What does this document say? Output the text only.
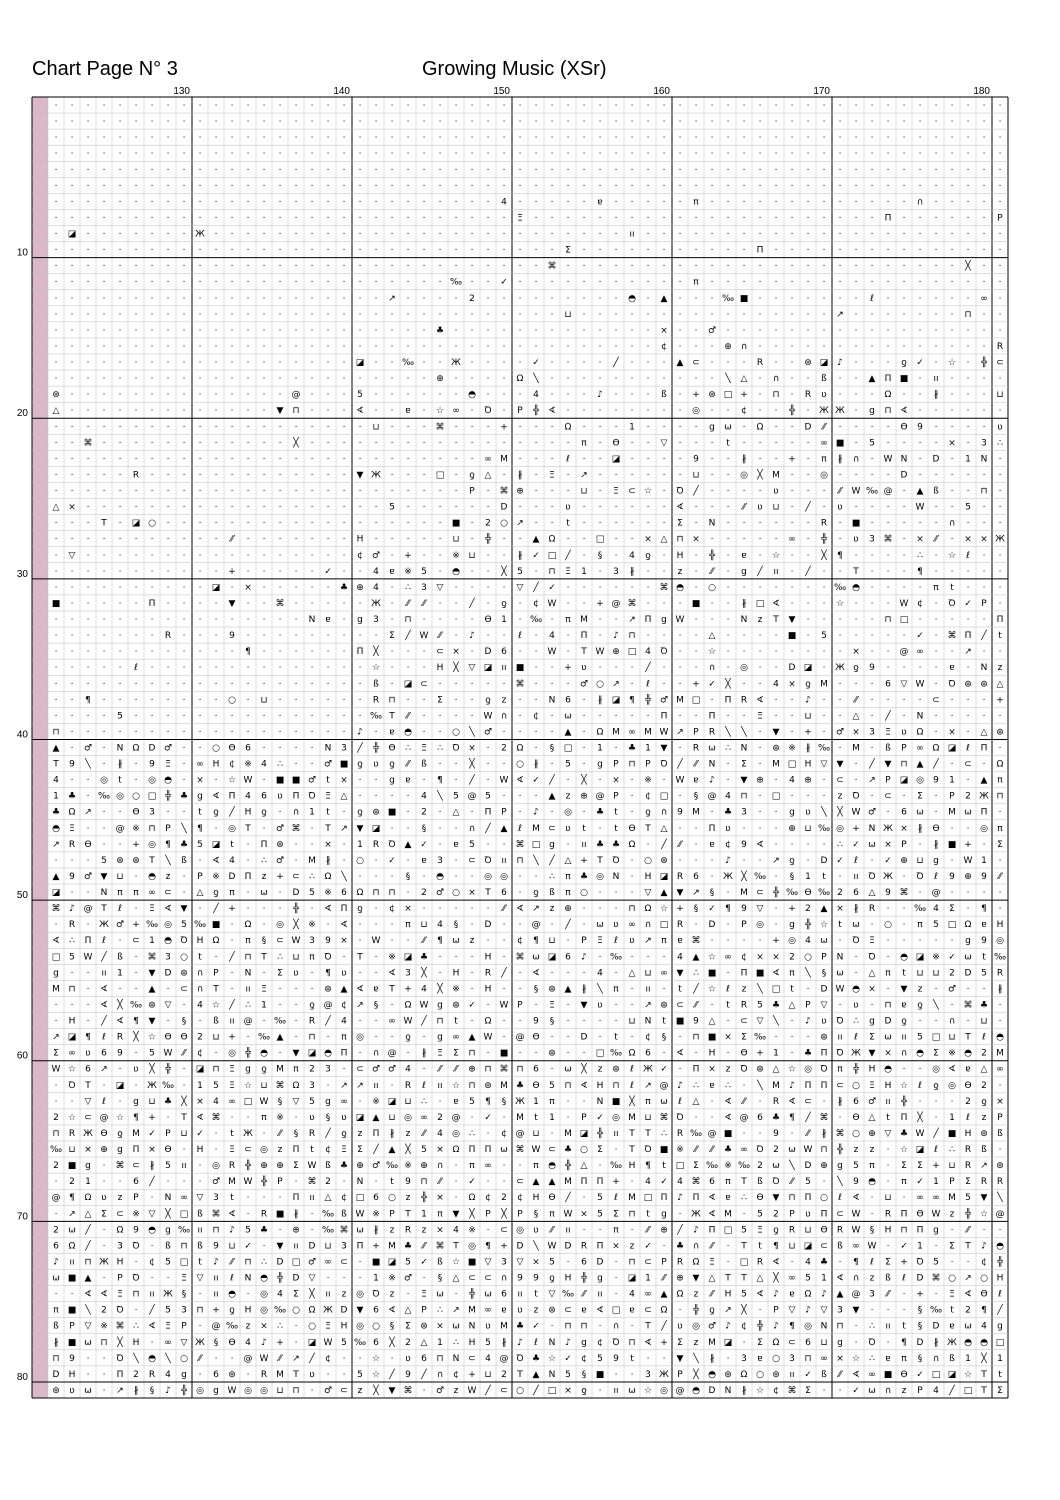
Chart Page N° 3	Growing Music (XSr)
· · · · · · · · · · · · · · · · · · · · · · · · · · · · · · · · · · · · · · · · · · · · · · · · · · · · · · · · · · · ·
· · · · · · · · · · · · · · · · · · · · · · · · · · · · · · · · · · · · · · · · · · · · · · · · · · · · · · · · · · · ·
· · · · · · · · · · · · · · · · · · · · · · · · · · · · · · · · · · · · · · · · · · · · · · · · · · · · · · · · · · · ·
· · · · · · · · · · · · · · · · · · · · · · · · · · · · · · · · · · · · · · · · · · · · · · · · · · · · · · · · · · · ·
· · · · · · · · · · · · · · · · · · · · · · · · · · · · · · · · · · · · · · · · · · · · · · · · · · · · · · · · · · · ·
· · · · · · · · · · · · · · · · · · · · · · · · · · · · · · · · · · · · · · · · · · · · · · · · · · · · · · · · · · · ·
· · · · · · · · · · · · · · · · · · · · · · · · · · · · 4 · · · · · ɐ · · · · · π · · · · · · · · · · · · · ∩ · · · · ·
· · · · · · · · · · · · · · · · · · · · · · · · · · · · · Ξ · · · · · · · · · · · · · · · · · · · · · · Π · · · · · · P
· ◪ · · · · · · · Ж · · · · · · · · · · · · · · · · · · · · · · · · · · ıı · · · · · · · · · · · · · · · · · · · · · · ·
· · · · · · · · · · · · · · · · · · · · · · · · · · · · · · · · Σ · · · · · · · · · · · Π · · · · · · · · · · · · · · ·
· · · · · · · · · · · · · · · · · · · · · · · · · · · · · · · ⌘ · · · · · · · · · · · · · · · · · · · · · · · · · ╳ · ·
· · · · · · · · · · · · · · · · · · · · · · · · · ‰ · · ✓ · · · · · · · · · · · π · · · · · · · · · · · · · · · · · · ·
· · · · · · · · · · · · · · · · · · · · · ↗ · · · · 2 · · · · · · · · · ◓ · ▲ · · · ‰ ■ · · · · · · · ℓ · · · · · · ∞ ·
· · · · · · · · · · · · · · · · · · · · · · · · · · · · · · · · ⊔ · · · · · · · · · · · · · · · · ↗ · · · · · · · ⊓ · ·
· · · · · · · · · · · · · · · · · · · · · · · · ♣ · · · · · · · · · · · · · × · · ♂ · · · · · · · · · · · · · · · · · ·
· · · · · · · · · · · · · · · · · · · · · · · · · · · · · · · · · · · · · · ¢ · · · ⊕ ∩ · · · · · · · · · · · · · · · R
· · · · · · · · · · · · · · · · · · · ◪ · · ‰ · · Ж · · · · ✓ · · · · ╱ · · · ▲ ⊂ · · · R · · ⊛ ◪ ♪ · · · ƍ ✓ · ☆ · ╬ ⊂
· · · · · · · · · · · · · · · · · · · · · · · · ⊕ · · · · Ω ╲ · · · · · · · · · · · ╲ △ · ∩ · · ß · · ▲ Π ■ · ıı · · · ·
⊛ · · · · · · · · · · · · · · @ · · · 5 · · · · · · ◓ · · · 4 · · · ♪ · · · ß · + ⊛ □ + · ⊓ · R ʋ · · · Ω · · ∦ · · · ⊔
△ · · · · · · · · · · · · · ▼ ⊓ · · · ∢ · · ɐ · ☆ ∞ · Ꝺ · P ╬ ∢ · · · · · · · · ◎ · · ¢ · · ╬ · Ж Ж · g ⊓ ∢ · · · · · ·
· · · · · · · · · · · · · · · · · · · · ⊔ · · · ⌘ · · · + · · · Ω · · · 1 · · · · g ω · Ω · · D ⁄⁄ · · · · ϴ 9 · · · · ʋ
· · ⌘ · · · · · · · · · · · · ╳ · · · · · · · · · · · · · · · · · π · ϴ · · ▽ · · · t · · · · · ∞ ■ · 5 · · · · × · 3 ∴
· · · · · · · · · · · · · · · · · · · · · · · · · · · ∞ M · · · ℓ · · ◪ · · · · 9 · · ∦ · · + · π ∦ ∩ · W N · D · 1 N ·
· · · · · R · · · · · · · · · · · · · ▼ Ж · · · □ · ƍ △ · ∦ · Ξ · ↗ · · · · · · ⊔ · · ◎ ╳ M · · ◎ · · · · D · · · · · ·
· · · · · · · · · · · · · · · · · · · · · · · · · · P · ⌘ ⊕ · · · ⊔ · Ξ ⊂ ☆ · Ꝺ ╱ · · · · ʋ · · · ⁄⁄ W ‰ @ · ▲ ß · · ⊓ ·
△ × · · · · · · · · · · · · · · · · · · · 5 · · · · · · D · · · ʋ · · · · · · ∢ · · · ⁄⁄ ʋ ⊔ · ╱ · ʋ · · · · W · · 5 · ·
· · · T · ◪ ○ · · · · · · · · · · · · · · · · · · ■ · 2 ○ ↗ · · t · · · · · · Σ · N · · · · · · R · ■ · · · · · ∩ · · ·
· · · · · · · · · · · ⁄⁄ · · · · · · · H · · · · · ⊔ · ╬ · · ▲ Ω · · □ · · × △ ⊓ × · · · · · ∞ · ╬ · ʋ 3 ⌘ · × ⁄⁄ · × × Ж
· ▽ · · · · · · · · · · · · · · · · · ¢ ♂ · + · · ※ ⊔ · · ∦ ✓ □ ╱ · § · 4 ƍ · H · ╬ · ɐ · ☆ · · ╳ ¶ · · · · ∴ · ☆ ℓ · ·
· · · · · · · · · · · + · · · · · ✓ · · 4 ɐ ※ 5 · ◓ · · ╳ 5 · ⊓ Ξ 1 · 3 ∦ · · z · ⁄⁄ · g ╱ ıı · ╱ · · T · · · ¶ · · · · ·
· · · · · · · · · · ◪ · × · · · · · ♣ ⊕ 4 · ∴ 3 ▽ · · · · ▽ ╱ ✓ · · · · · · ⌘ ◓ · ○ · · · · · · · ‰ ◓ · · · · π t · · ·
■ · · · · · Π · · · · ▼ · · ⌘ · · · · · Ж · ⁄⁄ ⁄⁄ · · ╱ · ƍ · ¢ W · · + @ ⌘ · · · ■ · · ∦ □ ∢ · · · ☆ · · · W ¢ · Ꝺ ✓ P ·
· · · · · · · · · · · · · · · · N ɐ · g 3 · ⊓ · · · · ϴ 1 · ‰ · π M · · ↗ Π g W · · · N z T ▼ · · · · · ⊓ □ · · · · · Π
· · · · · · · R · · · 9 · · · · · · · · · Σ ╱ W ⁄⁄ · ♪ · · ℓ · 4 · Π · ♪ ⊓ · · · · △ · · · · ■ · 5 · · · · · ✓ · ⌘ Π ╱ t
· · · · · · · · · · · · ¶ · · · · · · Π ╳ · · · ⊂ × · D 6 · · W · T W ⊕ □ 4 Ꝺ · · ☆ · · · · · · · · × · · @ ∞ · · ↗ · ·
· · · · · ℓ · · · · · · · · · · · · · · ☆ · · · H ╳ ▽ ◪ ıı ■ · · + ʋ · · · ╱ · · · ∩ · ◎ · · D ◪ · Ж ƍ 9 · · · · ɐ · N z
· · · · · · · · · · · · · · · · · · · · ß · ◪ ⊂ · · · · · ⌘ · · · ♂ ○ ↗ · ℓ · · + ✓ ╳ · · 4 × ƍ M · · · 6 ▽ W · Ꝺ ⊛ ⊛ △
· · ¶ · · · · · · · · ○ · ⊔ · · · · · · R ⊓ · · Σ · · ƍ z · · N 6 · ∦ ◪ ¶ ╬ ♂ M □ · Π R ∢ · · ♪ · · ⁄⁄ · · · · ⊂ · · · +
· · · · 5 · · · · · · · · · · · · · · · ‰ T ⁄⁄ · · · · W ∩ · ¢ · ω · · · · · Π · · Π · · Ξ · · ⊔ · · △ · ╱ · N · · · · ·
⊓ · · · · · · · · · · · · · · · · · · ♪ · ɐ ◓ · · ○ ╲ ♂ · · · · ▲ · Ω M ∞ M W ↗ P R ╲ ╲ · ▼ · + · ♂ × 3 Ξ ʋ Ω · × · △ ⊛
▲ · ♂ · N Ω D ♂ · · ○ ϴ 6 · · · · N 3 ╱ ╬ ϴ ∴ Ξ ∴ Ꝺ × · 2 Ω · § □ · 1 · ♣ 1 ▼ · R ω ∴ N · ⊛ ※ ∦ ‰ · M · ß P ∞ Ω ◪ ℓ Π ·
T 9 ╲ · ∦ · 9 Ξ · ∞ H ¢ ※ 4 ∴ · · ♂ ■ ƍ ʋ ƍ ⁄⁄ ß · · ╳ · · ○ ∦ · 5 · g P ⊓ P Ꝺ ╱ ⁄⁄ N · Σ · M □ H ▽ ▼ · ╱ ▼ ⊓ ▲ ╱ · ⊂ · Ω
4 · · ◎ t · ◎ ◓ · × · ☆ W · ■ ■ ♂ t × · · g ɐ · ¶ · ╱ · W ∢ ✓ ╱ · ╳ · × · ※ · W ɐ ♪ · ▼ ⊕ · 4 ⊕ · ⊂ · ↗ P ◪ ◎ 9 1 · ▲ π
1 ♣ · ‰ ◎ ○ □ ╬ ♣ g ∢ Π 4 6 ʋ Π Ꝺ Ξ △ · · · · 4 ╲ 5 @ 5 · · · ▲ z ⊕ @ P · ¢ □ · § @ 4 ⊓ · □ · · · z Ꝺ · ⊂ · Σ · P 2 Ж ⊓
♣ Ω ↗ · · ϴ 3 · · t ƍ ╱ H ƍ · ∩ 1 t · ƍ ⊛ ■ · 2 · △ · Π P · ♪ · ◎ · ♣ t · ƍ ∩ 9 M · ♣ 3 · · g ʋ ╲ ╳ W ♂ · 6 ω · M ω Π ·
◓ Ξ · · @ ※ ⊓ P ╲ ¶ · ◎ T · ♂ ⌘ · T ↗ ▼ ◪ · · § · · ∩ ╱ ▲ ℓ M ⊂ ʋ t · t ϴ T △ · · Π ʋ · · · ⊕ ⊔ ‰ ◎ + N Ж × ∦ ϴ · · ◎ π
↗ R ϴ · · + ◎ ¶ ♣ 5 ◪ t · Π ⊛ · · × · 1 R Ꝺ ▲ ✓ · ɐ 5 · · ⌘ □ g · ıı ♣ ♣ Ω · ╱ ⁄⁄ · ɐ ¢ 9 ∢ · · · · ∴ ✓ ω × P · ∦ ■ + · Σ
· · · 5 ⊛ ⊛ T ╲ ß · ∢ 4 · ∴ ♂ · M ∦ · ○ · ✓ · ɐ 3 · ⊂ Ꝺ ıı ⊓ ╲ ╱ △ + T Ꝺ · ○ ⊛ · · · ♪ · · ↗ ƍ · D ✓ ℓ · ✓ ⊕ ⊔ g · W 1 ·
▲ 9 ♂ ▼ ⊔ · ◓ z · P ※ D Π z + ⊂ ∴ Ω ╲ · · · § · ◓ · · ◎ ◎ · · ∴ π ♣ ◎ N · H ◪ R 6 · Ж ╳ ‰ · § 1 t · ıı Ꝺ Ж · Ꝺ ℓ 9 ⊕ 9 ⁄⁄
◪ · · N π π ∞ ⊂ · △ ƍ π · ω · D 5 ※ 6 Ω ⊓ ⊓ · 2 ♂ ○ × T 6 · ƍ ß π ○ · · · ▽ ▲ ▼ ↗ § · M ⊂ ╬ ‰ ϴ ‰ 2 6 △ 9 ⌘ · @ · · · ·
⌘ ♪ @ T ℓ · Ξ ∢ ▼ · ╱ + · · · ╬ · ∢ Π ƍ · ¢ × · · · · · ⁄⁄ ∢ ↗ z ⊕ · · · ⊓ Ω ☆ + § ✓ ¶ 9 ▽ · + 2 ▲ × ∦ R · · ‰ 4 Σ · ¶ ·
· R · Ж ♂ + ‰ ◎ 5 ‰ ■ · Ω · ◎ ╳ ※ · ∢ · · · π ⊔ 4 § · D · · @ · ╱ · ω ʋ ∞ ∩ □ R · D · P ◎ · g ╬ ☆ t ω · ○ · π 5 □ Ω ɐ H
∢ ∴ Π ℓ · ⊂ 1 ◓ Ꝺ H Ω · π § ⊂ W 3 9 × · W · · ⁄⁄ ¶ ω z · · ¢ ¶ ⊔ · P Ξ ℓ ʋ ↗ π ɐ ⌘ · · · · + ◎ 4 ω · Ꝺ Ξ · · · · · g 9 ◎
□ 5 W ╱ ß · ⌘ 3 ○ t · ╱ ⊓ T ∴ ⊔ π Ꝺ · T · ※ ◪ ♣ · · · H · ⌘ ω ◪ 6 ♪ · ‰ · · · 4 ▲ ☆ ∞ ¢ × × 2 ○ P N · Ꝺ · ◓ ◪ ※ ✓ ω t ‰
g · · ıı 1 · ▼ D ⊛ ∩ P · N · Σ ʋ · ¶ ʋ · · ∢ 3 ╳ · H · R ╱ · ∢ · · · 4 · △ ⊔ ∞ ▼ ∴ ■ · Π ■ ∢ π ╲ § ω · △ π t ⊔ ⊔ 2 D 5 R
M ⊓ · ∢ · · ▲ · ⊂ ∩ T · ıı Ξ · · · ⊛ ▲ ∢ ɐ T + 4 ╳ ※ · H · · § ⊛ ▲ ∦ ╲ π · ıı · t ╱ ☆ ℓ z ╲ □ t · D W ◓ × · ▼ z · ♂ · · ∦
· · · ∢ ╳ ‰ ⊛ ▽ · 4 ☆ ╱ ∴ 1 · · ƍ @ ¢ ↗ § · Ω W g ⊛ ✓ · W P · Ξ · ▼ ʋ · · ↗ ⊛ ⊂ ⁄⁄ · t R 5 ♣ △ P ▽ · ʋ · ⊓ ɐ ƍ ╲ · ⌘ ♣ ·
· H · ╱ ∢ ¶ ▼ · § · ß ıı @ · ‰ · R ╱ 4 · · ∞ W ╱ ⊓ t · Ω · · 9 § · · · · ⊔ N t ■ 9 △ · ⊂ ▽ ╲ · ♪ ʋ Ꝺ ∴ g D ƍ · · ∩ · ⊔ ·
↗ ◪ ¶ ℓ R ╳ ☆ ϴ ϴ 2 ⊔ + · ‰ ▲ · ⊓ · π ◎ · · ƍ · g ∞ ▲ W · @ ϴ · · D · t · ¢ § · ⊓ ■ × Σ ‰ · · · ⊛ ıı ℓ Σ ω ıı 5 □ ⊔ T ℓ ◓
Σ ∞ ʋ 6 9 · 5 W ⁄⁄ ¢ · ◎ ╬ ◓ · ▼ ◪ ◓ Π · ∩ @ · ∦ Ξ Σ ⊓ · ■ · · ⊛ · · □ ‰ Ω 6 · ∢ · H · ϴ + 1 · ♣ Π Ꝺ Ж ▼ × ∩ ◓ Σ ※ ◓ 2 M
W ☆ 6 ↗ · ʋ ╳ ╬ · ◪ ⊓ Ξ g ƍ M π 2 3 · ⊂ ♂ ♂ 4 · ⁄⁄ ⁄⁄ ⊕ ⊓ ⌘ ⊓ 6 · ω ╳ z ⊛ ℓ Ж ✓ · Π × z Ꝺ ⊛ △ ☆ ◎ Ꝺ π ╬ H ◓ · · ◎ ∢ ɐ △ ∞
· Ꝺ T · ◪ · Ж ‰ · 1 5 Ξ ☆ ⊔ ⌘ Ω 3 · ↗ ↗ ıı · R ℓ ıı ☆ ⊓ ⊛ M ♣ ϴ 5 ⊓ ∢ H ⊓ ℓ ↗ @ ♪ ∴ ɐ ∴ · ╲ M ♪ Π Π ⊂ ○ Ξ H ☆ ℓ ƍ ◎ ϴ 2 ·
· · ▽ ℓ · g ⊔ ♣ ╳ × 4 ∞ □ W § ▽ 5 g ∞ · ※ ◪ ⊔ ∴ · ɐ 5 ¶ § Ж 1 π · · N ■ ╳ π ω ℓ △ · ∢ ⁄⁄ · R ∢ ⊂ · ∦ 6 ♂ ıı ╬ · · · 2 ƍ ×
2 ☆ ⊂ @ ☆ ¶ + · T ∢ ⌘ · · π ※ · ʋ § ʋ ◪ ▲ ⊔ ◎ ∞ 2 @ · ✓ · M t 1 · P ✓ ◎ M ⊔ ⌘ Ꝺ · · ∢ @ 6 ♣ ¶ ╱ ⌘ · ϴ △ t Π ╳ · 1 ℓ z P
⊓ R Ж ϴ ƍ M ✓ P ⊔ ✓ · t Ж · ⁄⁄ § R ╱ ƍ z Π ∦ z ⁄⁄ 4 ◎ ∴ · ¢ @ ⊔ · M ◪ ╬ ıı T T ∴ R ‰ @ ■ · · 9 · ⁄⁄ ∦ ⌘ ○ ⊕ ▽ ♣ W ╱ ■ H ⊛ ß
‰ ⊔ × ⊕ g Π × ϴ · H · Ξ ⊂ ◎ z Π t ¢ Ξ Σ ╱ ▲ ╳ 5 × Ω Π Π ω ⌘ W ⊂ ♣ ○ Σ · T Ꝺ ■ ※ ⁄⁄ ⁄⁄ ♣ ∞ Ꝺ 2 ω W ⊓ ╬ z z · ☆ ◪ ℓ ∴ R ß ·
2 ■ g · ⌘ ⊂ ∦ 5 ıı · ◎ R ╬ ⊕ ⊕ Σ W ß ♣ ⊕ ♂ ‰ ※ ⊕ ∩ · π ∞ · · π ◓ ╬ △ · ‰ H ¶ t □ Σ ‰ ※ ‰ 2 ω ╲ D ⊕ g 5 π · Σ Σ + ⊔ R ↗ ⊛
· 2 1 · · 6 ╱ · · · ♂ M W ╬ P · ⌘ 2 · N · t 9 ⊓ ⁄⁄ · ✓ · · ⊂ ▲ ▲ M Π Π + · 4 ✓ 4 ⌘ 6 π T ß Ꝺ ⁄⁄ 5 · ╲ 9 ◓ · π ✓ 1 P Σ R R
@ ¶ Ω ʋ z P · N ∞ ▽ 3 t · · · Π ıı △ ¢ □ 6 ○ z ╬ × · Ω ¢ 2 ¢ H ϴ ╱ · 5 ℓ M □ Π ♪ Π ∢ ɐ ∴ ϴ ▼ ⊓ Π ○ ℓ ∢ · ⊔ · ∞ ∞ M 5 ▼ ╲
· ↗ △ Σ ⊂ ※ ▽ ╳ □ ß ⌘ ∢ · R ■ ∦ · ‰ ß W ※ P T 1 π ▼ ╳ P ╳ P § π W × 5 Σ ⊓ t g · Ж ∢ M · 5 2 P ʋ Π ⊂ W · R Π ϴ W z ╬ ☆ @
2 ω ╱ · Ω 9 ◓ g ‰ ıı ⊓ ♪ 5 ♣ · ⊕ · ‰ ⌘ ω ∦ z R z × 4 ※ · ⊂ ◎ ʋ ⁄⁄ ıı · · π · ⁄⁄ ⊕ ╱ ♪ Π □ 5 Ξ ƍ R ⊔ ϴ R W § H ⊓ Π g · ⁄⁄ · ·
6 Ω ╱ · 3 Ꝺ · ß ⊓ ß 9 ⊔ ✓ · ▼ ıı D ⊔ 3 Π + M ♣ ⁄⁄ ⌘ T ◎ ¶ + D ╲ W D R Π × z ✓ · ♣ ∩ ⁄⁄ · T t ¶ ⊔ ◪ ⊂ ß ∞ W · ✓ 1 · Σ T ♪ ◓
♪ ıı ⊓ Ж H · ¢ 5 □ t ♪ ⁄⁄ ⊓ ∴ D □ ♂ ∞ ⊂ · ■ ◪ 5 ✓ ß ☆ ■ ▽ 3 ▽ × 5 · 6 D · ⊓ ⊂ P R Ω Ξ · □ R ∢ · 4 ♣ · ¶ ℓ Σ + Ꝺ 5 · · ¢ ╬
ω ■ ▲ · P Ꝺ · · Ξ ▽ ıı ℓ N ◓ ╬ D ▽ · · · 1 ※ ♂ · § △ ⊂ ⊂ ∩ 9 9 ƍ H ╬ g · ◪ 1 ⁄⁄ ⊕ ▼ △ T T △ ╳ ∞ 5 1 ∢ ∩ z ß ℓ D ⌘ ○ ↗ ○ H
· · ∢ ∢ Ξ ⊓ ıı Ж § · ıı ◓ · ◎ 4 Σ ╳ ıı z ◎ Ꝺ z · Ξ ω · ╬ ω 6 ıı t ▽ ‰ ⁄⁄ ıı · 4 ∞ ▲ Ω z ⁄⁄ H 5 ∢ ♪ ɐ Ω ♪ ▲ @ 3 ⁄⁄ · + · Ξ ∢ ϴ ℓ
π ■ ╲ 2 Ꝺ · ╱ 5 3 ⊓ + ƍ H ◎ ‰ ○ Ω Ж D ▼ 6 ∢ △ P ∴ ↗ M ∞ ɐ ʋ z ⊛ ⊂ ɐ ∢ □ ɐ ⊂ Ω · ╬ ƍ ↗ ╳ · P ▽ ♪ ▽ 3 ▼ · · · § ‰ t 2 ¶ ╱
ß P ▽ ※ ⌘ ∴ ∢ Ξ P · @ ‰ z × ∴ · ○ Ξ H ◎ ○ § Σ ⊛ × ω N ʋ M ♣ ✓ · ⊓ ⊓ · ∩ · T ╱ ʋ ◎ ♂ ♪ ¢ ╬ ♪ ¶ ◎ N ⊓ · ∴ ıı t § D ɐ ω 4 g
∦ ■ ω ⊓ ╳ H · ∞ ▽ Ж § ϴ 4 ♪ + · ◪ W 5 ‰ 6 ╳ 2 △ 1 ∴ H 5 ∦ ♪ ℓ N ♪ g ¢ Ꝺ ⊓ ∢ + Σ z M ◪ · Σ Ω ⊂ 6 ⊔ g · Ꝺ · ¶ D ∦ Ж ◓ ◓ □
⊓ 9 · · Ꝺ ╲ ◓ ╲ ○ ⁄⁄ · · @ W ⁄⁄ ↗ ╱ ¢ · · ☆ · ʋ 6 ⊓ N ⊂ 4 @ Ꝺ ♣ ☆ ✓ ¢ 5 9 t · · ▼ ╲ ∦ · 3 ɐ ○ 3 ⊓ ∞ × ☆ ∴ ɐ π § ∩ ß 1 ╳ 1
D H · · Π 2 R 4 g · 6 ⊛ · R M T ʋ · · 5 ☆ ╱ 9 ╱ ∩ ¢ + ⊔ 2 T ▲ N 5 § ■ · · 3 Ж P ╳ ◓ ⊛ Ω ○ ⊛ ıı ✓ ß ⁄⁄ ∢ ∞ ■ ϴ ✓ □ ◪ ☆ T t
⊛ ʋ ω · ↗ ∦ § ♪ ╬ ◎ g W ◎ ◎ ⊔ ⊓ · ♂ ⊂ z ╳ ▼ ⌘ · ♂ z W ╱ ⊂ ○ ╱ □ × ƍ · ıı ω ☆ ◎ @ ◓ D N ∦ ☆ ¢ ⌘ Σ · · ✓ ω ∩ z P 4 ╱ □ T Σ
130	140	150	160	170	180
10
20
30
40
50
60
70
80
